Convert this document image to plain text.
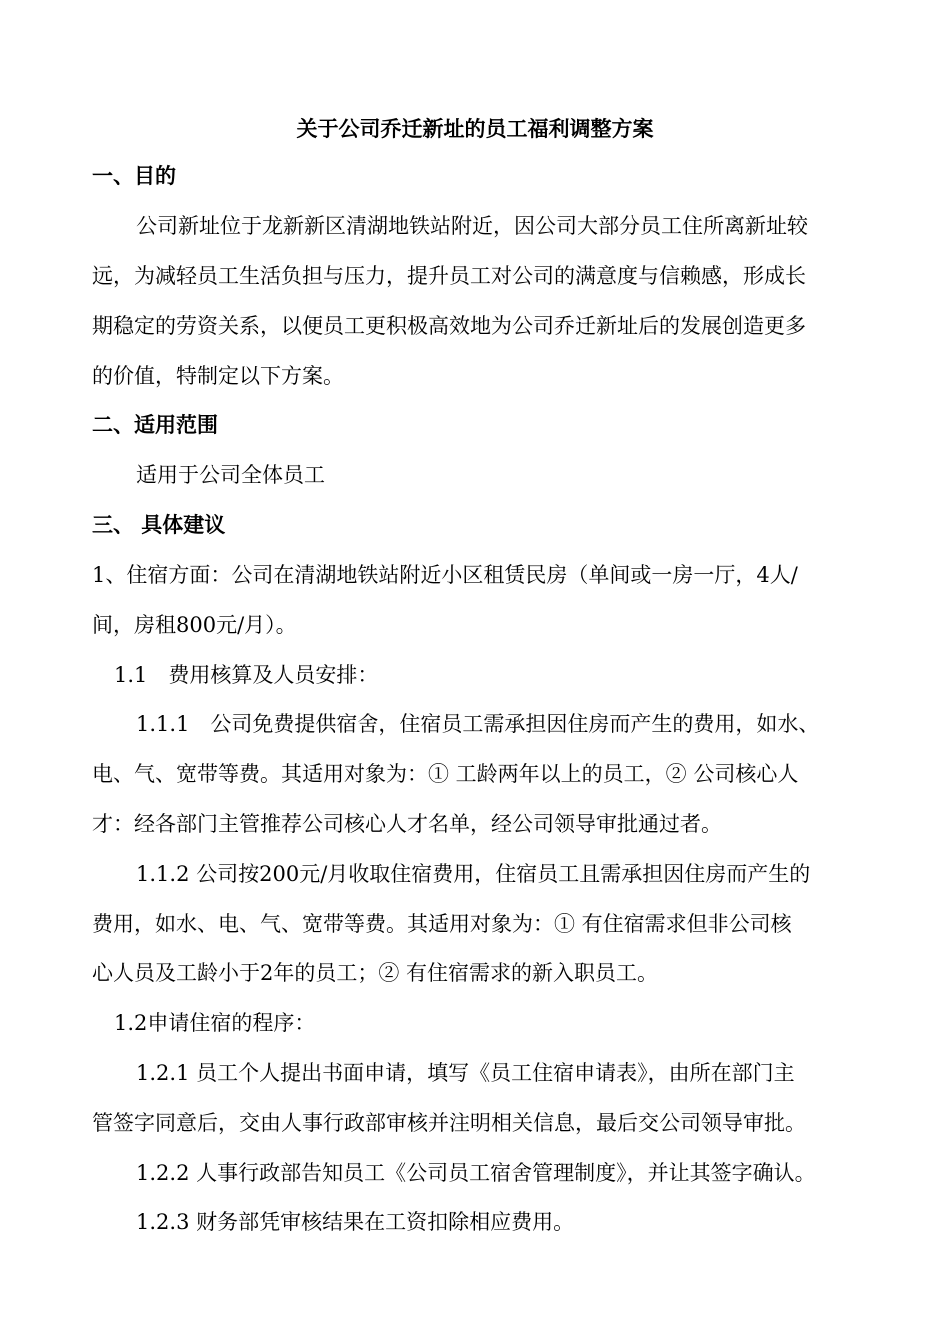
关于公司乔迁新址的员工福利调整方案
一、目的
公司新址位于龙新新区清湖地铁站附近，因公司大部分员工住所离新址较
远，为减轻员工生活负担与压力，提升员工对公司的满意度与信赖感，形成长
期稳定的劳资关系，以便员工更积极高效地为公司乔迁新址后的发展创造更多
的价值，特制定以下方案。
二、适用范围
适用于公司全体员工
三、 具体建议
1、住宿方面：公司在清湖地铁站附近小区租赁民房（单间或一房一厅，4人/
间，房租800元/月）。
1.1　费用核算及人员安排：
1.1.1　公司免费提供宿舍，住宿员工需承担因住房而产生的费用，如水、
电、气、宽带等费。其适用对象为：① 工龄两年以上的员工，② 公司核心人
才：经各部门主管推荐公司核心人才名单，经公司领导审批通过者。
1.1.2 公司按200元/月收取住宿费用，住宿员工且需承担因住房而产生的
费用，如水、电、气、宽带等费。其适用对象为：① 有住宿需求但非公司核
心人员及工龄小于2年的员工；② 有住宿需求的新入职员工。
1.2申请住宿的程序：
1.2.1 员工个人提出书面申请，填写《员工住宿申请表》，由所在部门主
管签字同意后，交由人事行政部审核并注明相关信息，最后交公司领导审批。
1.2.2 人事行政部告知员工《公司员工宿舍管理制度》，并让其签字确认。
1.2.3 财务部凭审核结果在工资扣除相应费用。
